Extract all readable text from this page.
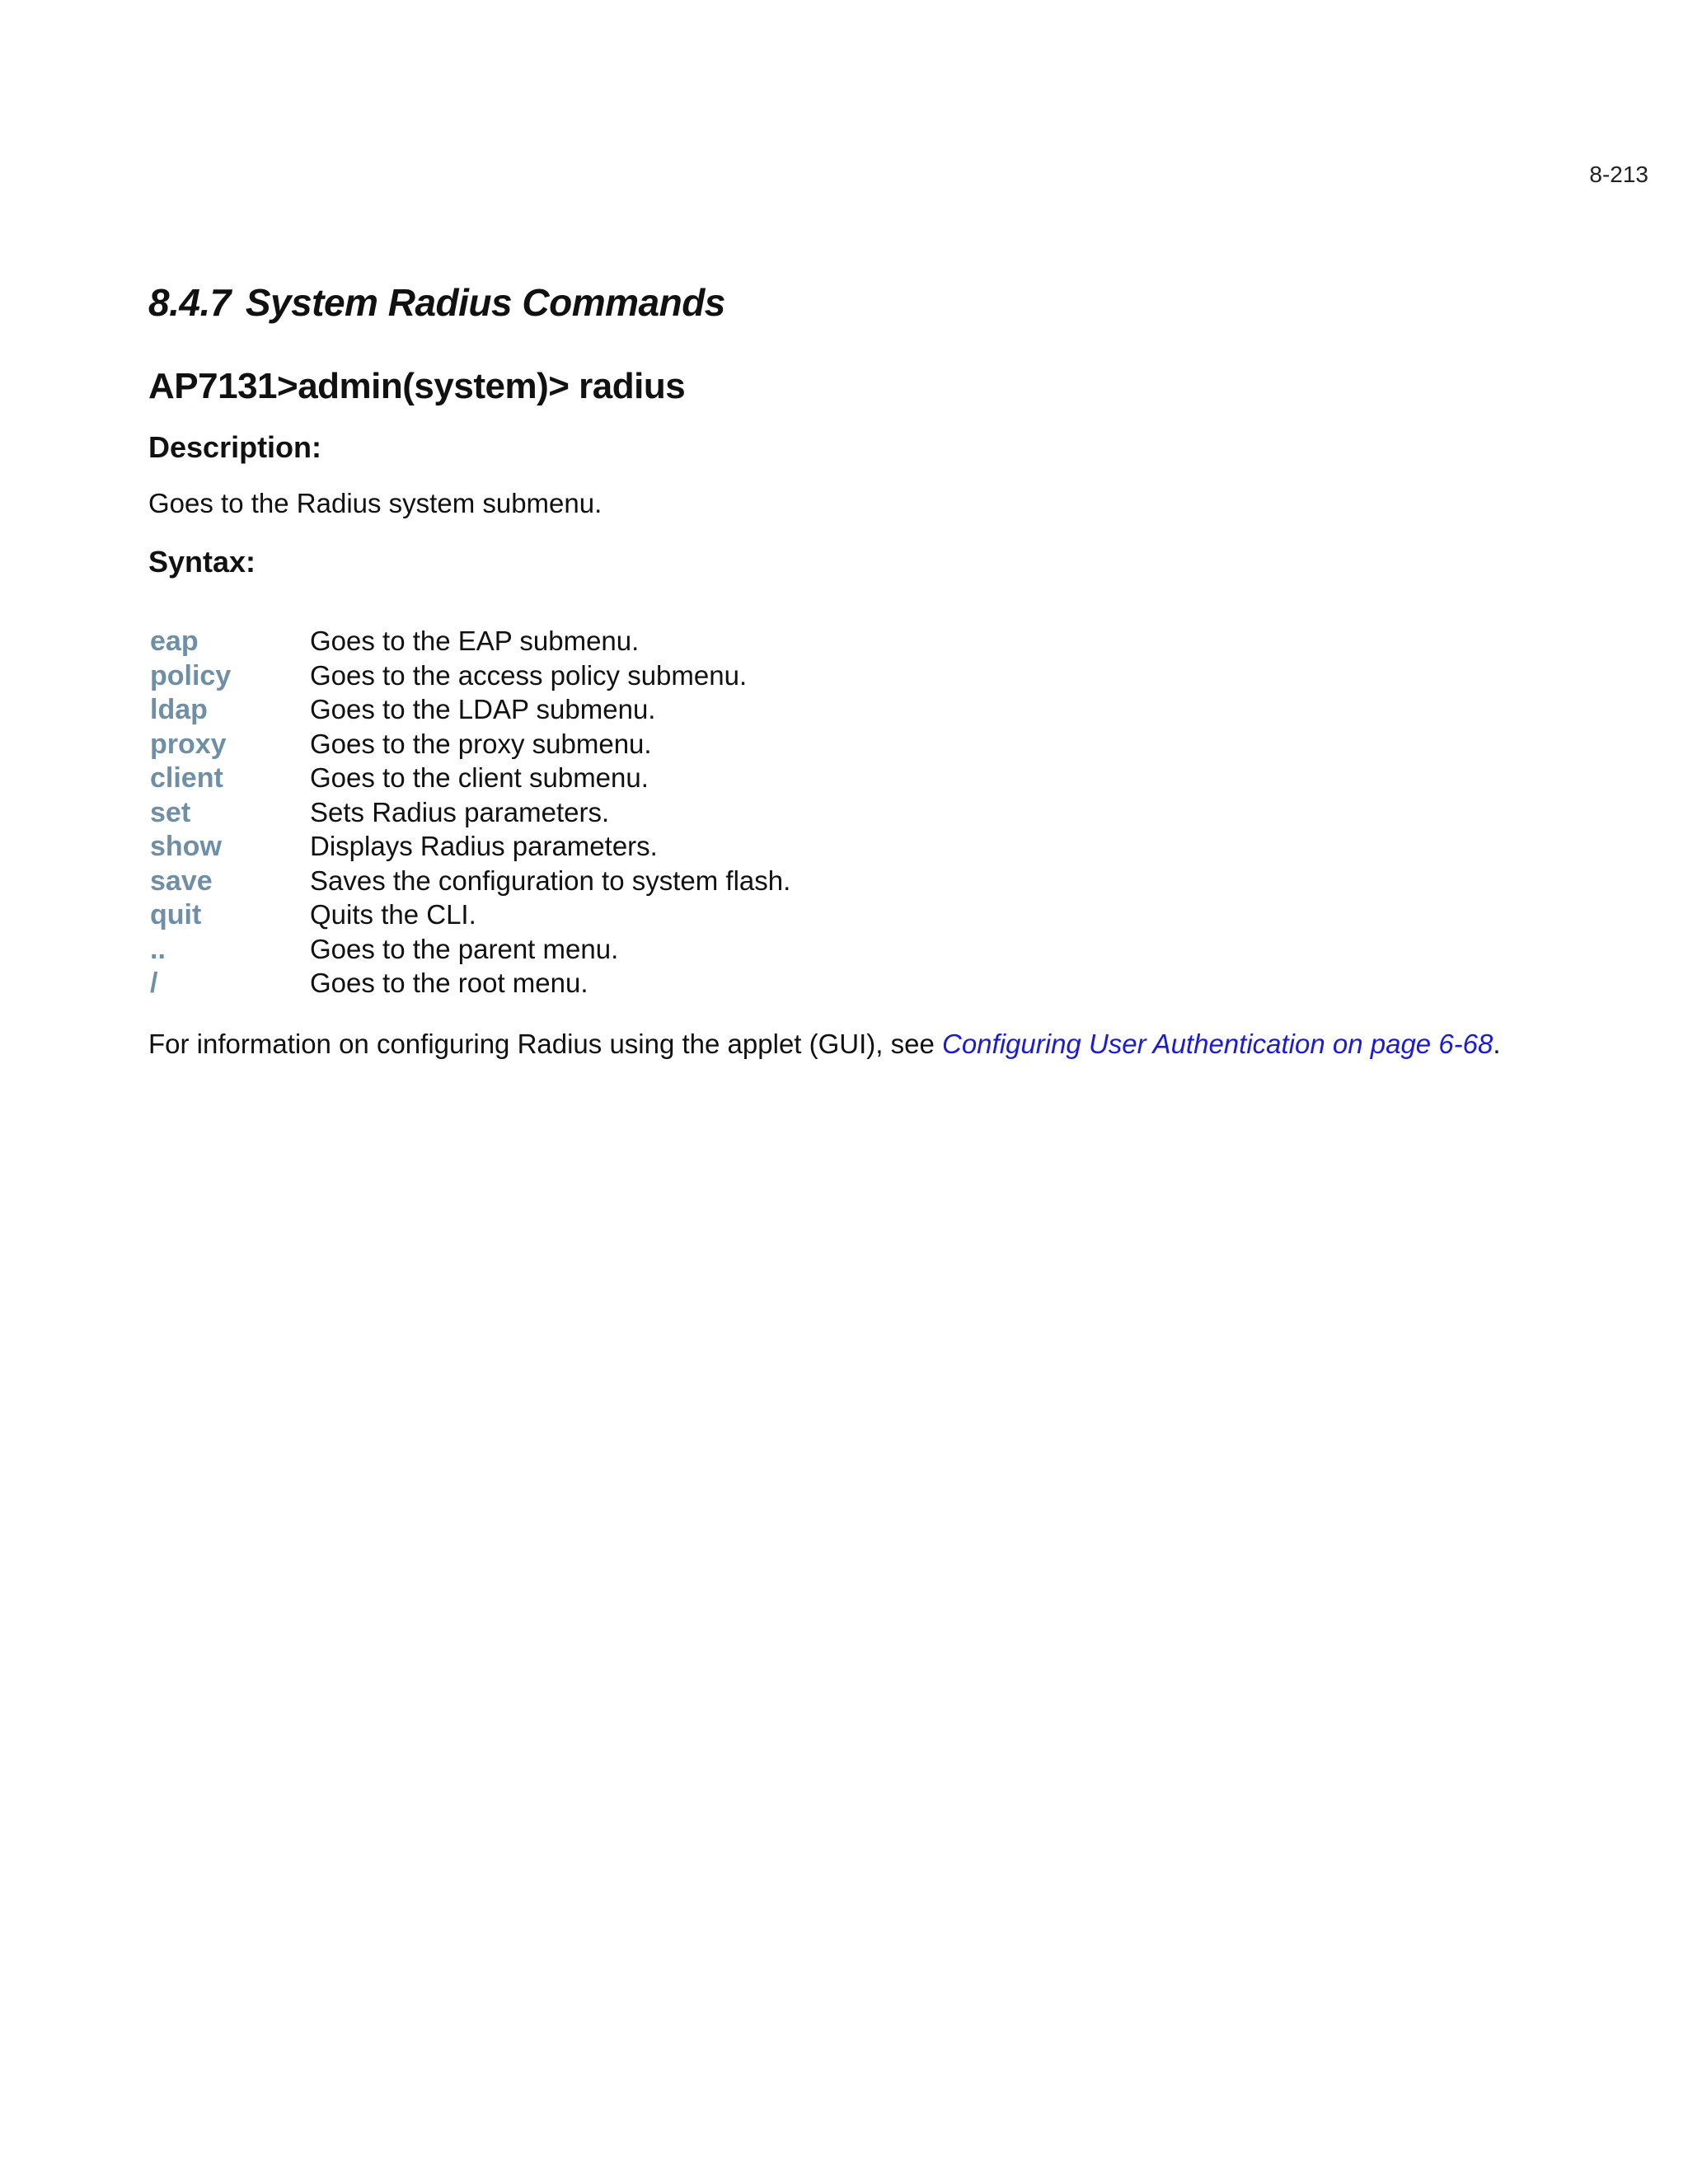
8-213
8.4.7 System Radius Commands
AP7131>admin(system)> radius
Description:

Goes to the Radius system submenu.

Syntax:
eap	Goes to the EAP submenu.
policy	Goes to the access policy submenu.
ldap	Goes to the LDAP submenu.
proxy	Goes to the proxy submenu.
client	Goes to the client submenu.
set	Sets Radius parameters.
show	Displays Radius parameters.
save	Saves the configuration to system flash.
quit	Quits the CLI.
..	Goes to the parent menu.
/	Goes to the root menu.

For information on configuring Radius using the applet (GUI), see Configuring User Authentication on page 6-68.
